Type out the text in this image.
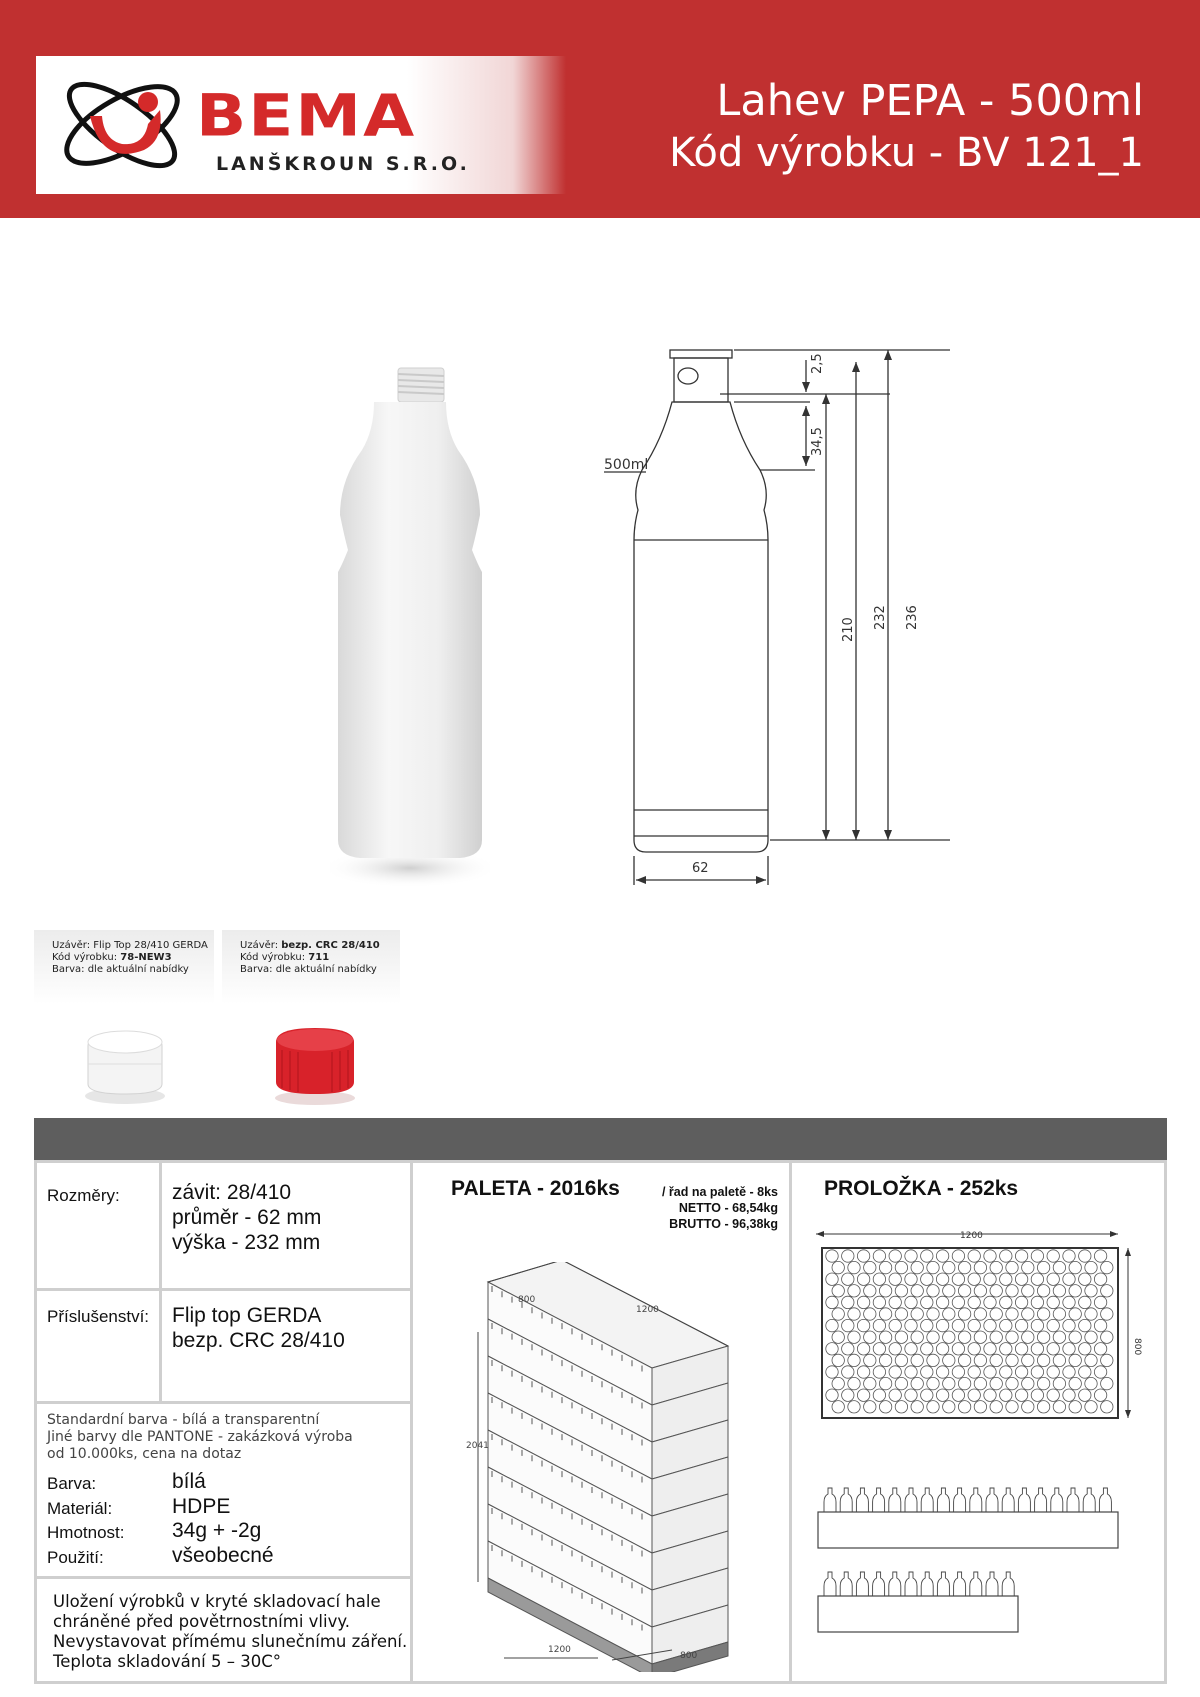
BEMA
LANŠKROUN S.R.O.
Lahev PEPA - 500ml
Kód výrobku - BV 121_1
500ml
2,5
34,5
210 232 236
62
Uzávěr: Flip Top 28/410 GERDA
Kód výrobku: 78-NEW3
Barva: dle aktuální nabídky
Uzávěr: bezp. CRC 28/410
Kód výrobku: 711
Barva: dle aktuální nabídky
Rozměry: závit: 28/410
průměr - 62 mm
výška - 232 mm
Příslušenství: Flip top GERDA
bezp. CRC 28/410
Standardní barva - bílá a transparentní
Jiné barvy dle PANTONE - zakázková výroba
od 10.000ks, cena na dotaz
Barva:	bílá
Materiál:	HDPE
Hmotnost: 34g + -2g
Použití:	všeobecné
Uložení výrobků v kryté skladovací hale
chráněné před povětrnostními vlivy.
Nevystavovat přímému slunečnímu záření.
Teplota skladování 5 – 30C°
PALETA - 2016ks	/ řad na paletě - 8ks
NETTO - 68,54kg
BRUTTO - 96,38kg
800
1200
2041
1200
800
PROLOŽKA - 252ks
1200
800
